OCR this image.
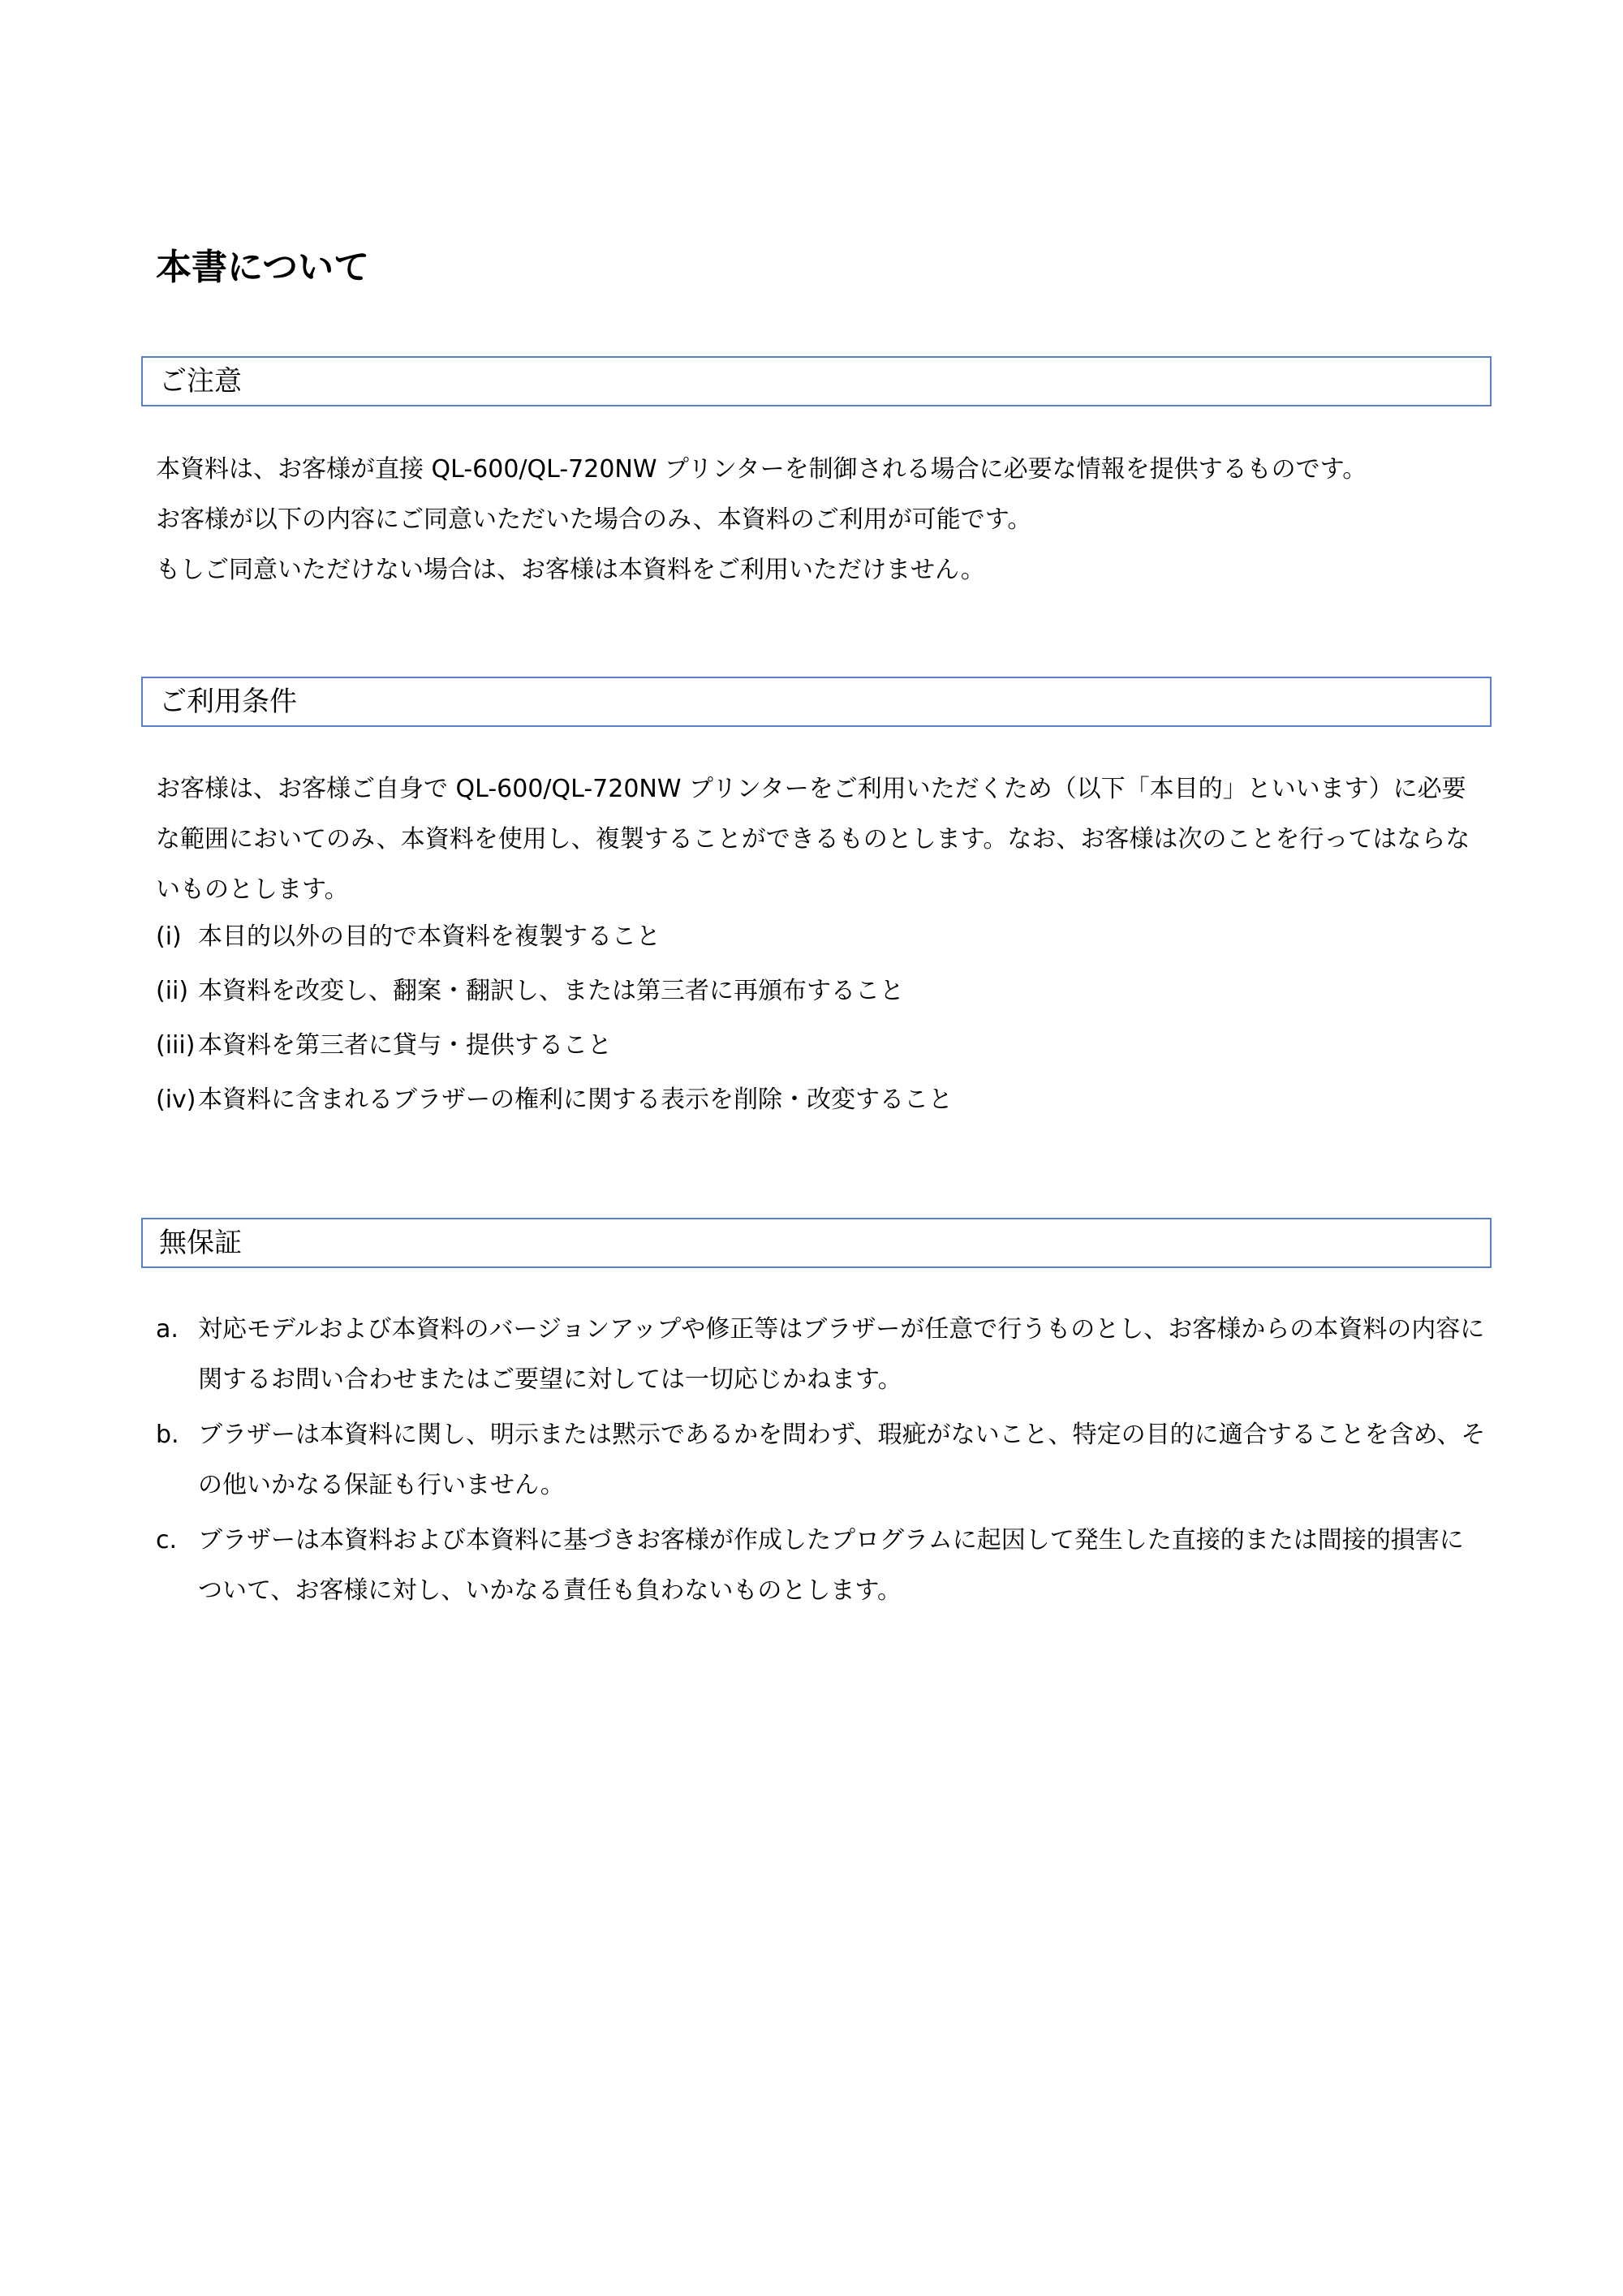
本書について
ご注意
本資料は、お客様が直接 QL-600/QL-720NW プリンターを制御される場合に必要な情報を提供するものです。
お客様が以下の内容にご同意いただいた場合のみ、本資料のご利用が可能です。
もしご同意いただけない場合は、お客様は本資料をご利用いただけません。
ご利用条件
お客様は、お客様ご自身で QL-600/QL-720NW プリンターをご利用いただくため（以下「本目的」といいます）に必要な範囲においてのみ、本資料を使用し、複製することができるものとします。なお、お客様は次のことを行ってはならないものとします。
(i) 本目的以外の目的で本資料を複製すること
(ii) 本資料を改変し、翻案・翻訳し、または第三者に再頒布すること
(iii) 本資料を第三者に貸与・提供すること
(iv)本資料に含まれるブラザーの権利に関する表示を削除・改変すること
無保証
a. 対応モデルおよび本資料のバージョンアップや修正等はブラザーが任意で行うものとし、お客様からの本資料の内容に関するお問い合わせまたはご要望に対しては一切応じかねます。
b. ブラザーは本資料に関し、明示または黙示であるかを問わず、瑕疵がないこと、特定の目的に適合することを含め、その他いかなる保証も行いません。
c. ブラザーは本資料および本資料に基づきお客様が作成したプログラムに起因して発生した直接的または間接的損害について、お客様に対し、いかなる責任も負わないものとします。
